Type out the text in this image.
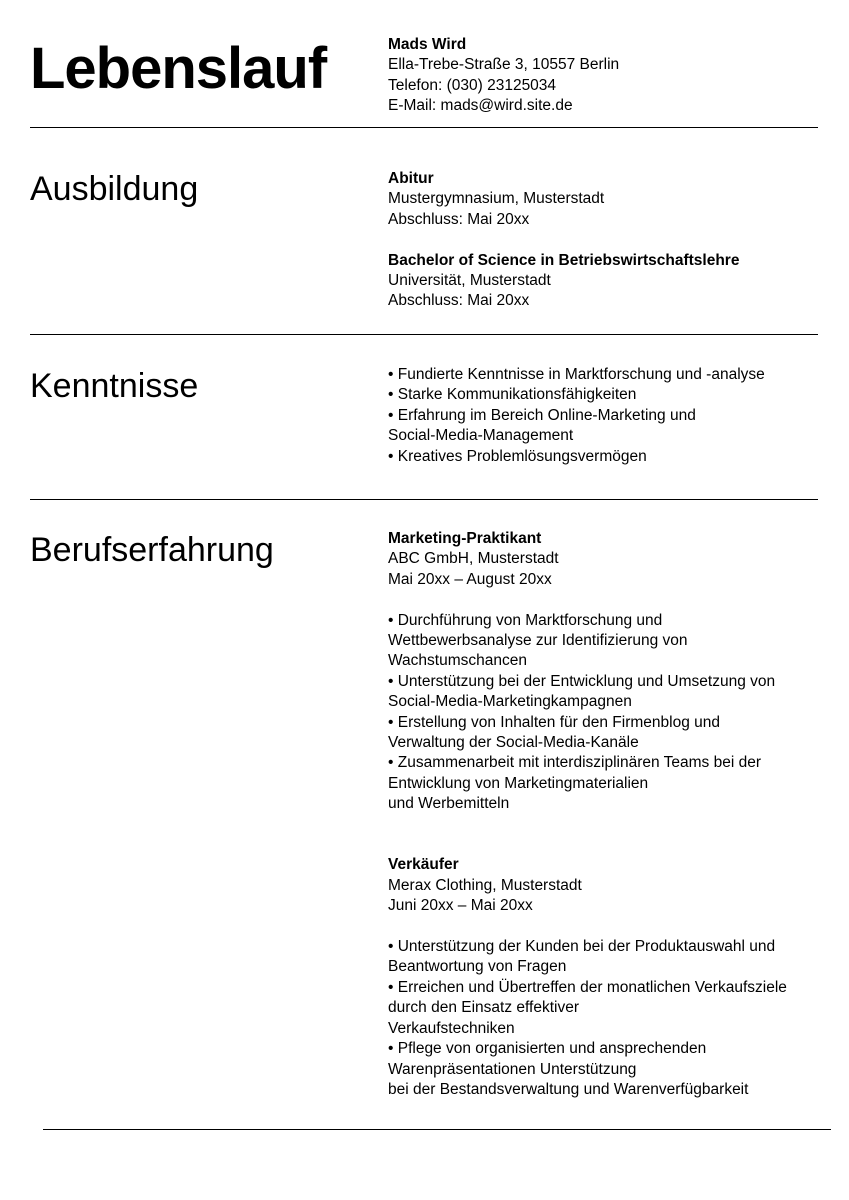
Lebenslauf	Mads Wird
Ella-Trebe-Straße 3, 10557 Berlin
Telefon: (030) 23125034
E-Mail: mads@wird.site.de
Ausbildung	Abitur
Mustergymnasium, Musterstadt
Abschluss: Mai 20xx
Bachelor of Science in Betriebswirtschaftslehre
Universität, Musterstadt
Abschluss: Mai 20xx
Kenntnisse	• Fundierte Kenntnisse in Marktforschung und -analyse
• Starke Kommunikationsfähigkeiten
• Erfahrung im Bereich Online-Marketing und
Social-Media-Management
• Kreatives Problemlösungsvermögen
Berufserfahrung	Marketing-Praktikant
ABC GmbH, Musterstadt
Mai 20xx – August 20xx
• Durchführung von Marktforschung und
Wettbewerbsanalyse zur Identifizierung von
Wachstumschancen
• Unterstützung bei der Entwicklung und Umsetzung von
Social-Media-Marketingkampagnen
• Erstellung von Inhalten für den Firmenblog und
Verwaltung der Social-Media-Kanäle
• Zusammenarbeit mit interdisziplinären Teams bei der
Entwicklung von Marketingmaterialien
und Werbemitteln
Verkäufer
Merax Clothing, Musterstadt
Juni 20xx – Mai 20xx
• Unterstützung der Kunden bei der Produktauswahl und
Beantwortung von Fragen
• Erreichen und Übertreffen der monatlichen Verkaufsziele
durch den Einsatz effektiver
Verkaufstechniken
• Pflege von organisierten und ansprechenden
Warenpräsentationen Unterstützung
bei der Bestandsverwaltung und Warenverfügbarkeit
